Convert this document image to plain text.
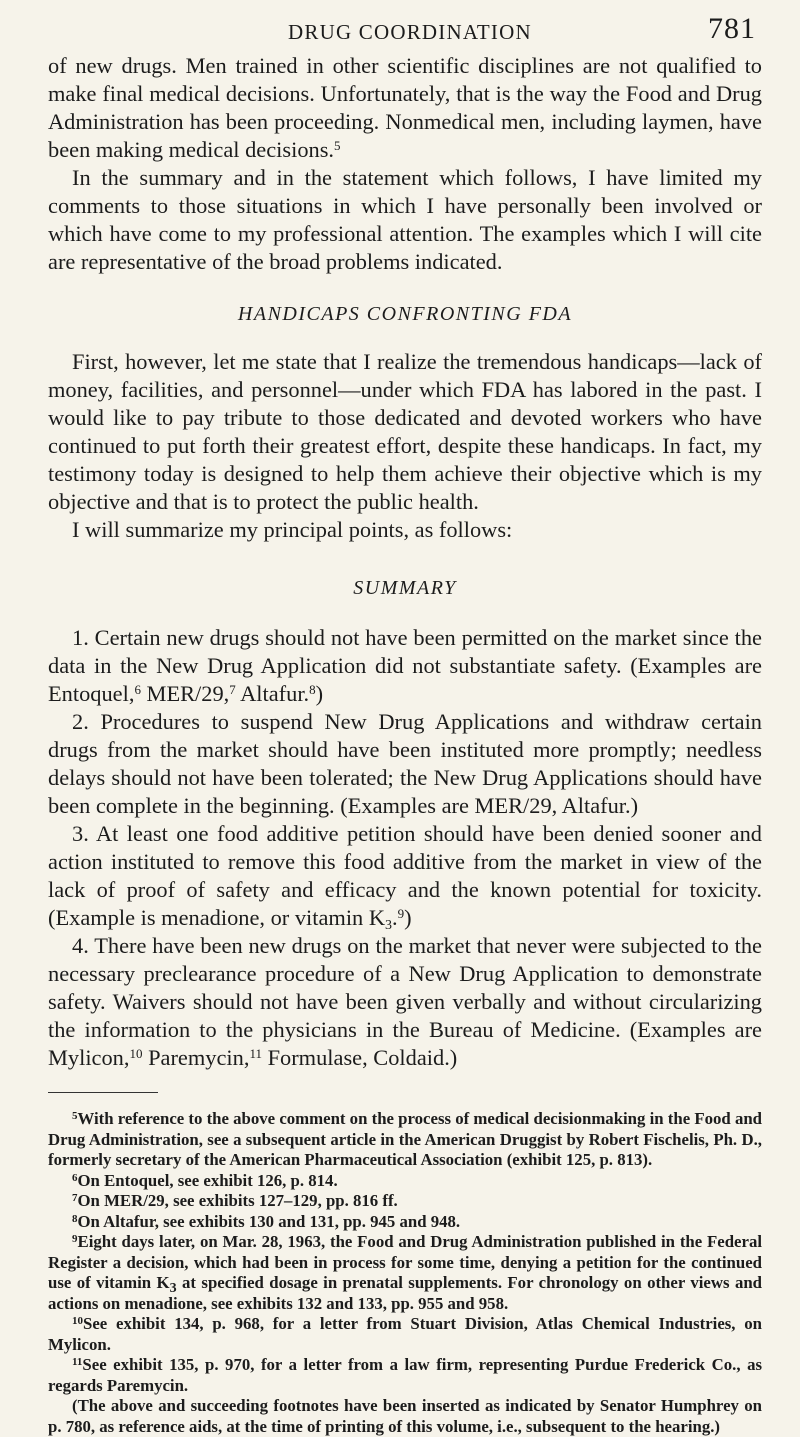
DRUG COORDINATION	781

of new drugs. Men trained in other scientific disciplines are not qualified to make final medical decisions. Unfortunately, that is the way the Food and Drug Administration has been proceeding. Nonmedical men, including laymen, have been making medical decisions.$^5$

In the summary and in the statement which follows, I have limited my comments to those situations in which I have personally been involved or which have come to my professional attention. The examples which I will cite are representative of the broad problems indicated.

HANDICAPS CONFRONTING FDA

First, however, let me state that I realize the tremendous handicaps—lack of money, facilities, and personnel—under which FDA has labored in the past. I would like to pay tribute to those dedicated and devoted workers who have continued to put forth their greatest effort, despite these handicaps. In fact, my testimony today is designed to help them achieve their objective which is my objective and that is to protect the public health.

I will summarize my principal points, as follows:

SUMMARY

1. Certain new drugs should not have been permitted on the market since the data in the New Drug Application did not substantiate safety. (Examples are Entoquel,$^6$ MER/29,$^7$ Altafur.$^8$)

2. Procedures to suspend New Drug Applications and withdraw certain drugs from the market should have been instituted more promptly; needless delays should not have been tolerated; the New Drug Applications should have been complete in the beginning. (Examples are MER/29, Altafur.)

3. At least one food additive petition should have been denied sooner and action instituted to remove this food additive from the market in view of the lack of proof of safety and efficacy and the known potential for toxicity. (Example is menadione, or vitamin $K_3.^9$)

4. There have been new drugs on the market that never were subjected to the necessary preclearance procedure of a New Drug Application to demonstrate safety. Waivers should not have been given verbally and without circularizing the information to the physicians in the Bureau of Medicine. (Examples are Mylicon,$^{10}$ Paremycin,$^{11}$ Formulase, Coldaid.)

$^5$With reference to the above comment on the process of medical decisionmaking in the Food and Drug Administration, see a subsequent article in the American Druggist by Robert Fischelis, Ph. D., formerly secretary of the American Pharmaceutical Association (exhibit 125, p. 813).

$^6$On Entoquel, see exhibit 126, p. 814.

$^7$On MER/29, see exhibits 127–129, pp. 816 ff.

$^8$On Altafur, see exhibits 130 and 131, pp. 945 and 948.

$^9$Eight days later, on Mar. 28, 1963, the Food and Drug Administration published in the Federal Register a decision, which had been in process for some time, denying a petition for the continued use of vitamin $K_3$ at specified dosage in prenatal supplements. For chronology on other views and actions on menadione, see exhibits 132 and 133, pp. 955 and 958.

$^{10}$See exhibit 134, p. 968, for a letter from Stuart Division, Atlas Chemical Industries, on Mylicon.

$^{11}$See exhibit 135, p. 970, for a letter from a law firm, representing Purdue Frederick Co., as regards Paremycin.

(The above and succeeding footnotes have been inserted as indicated by Senator Humphrey on p. 780, as reference aids, at the time of printing of this volume, i.e., subsequent to the hearing.)
